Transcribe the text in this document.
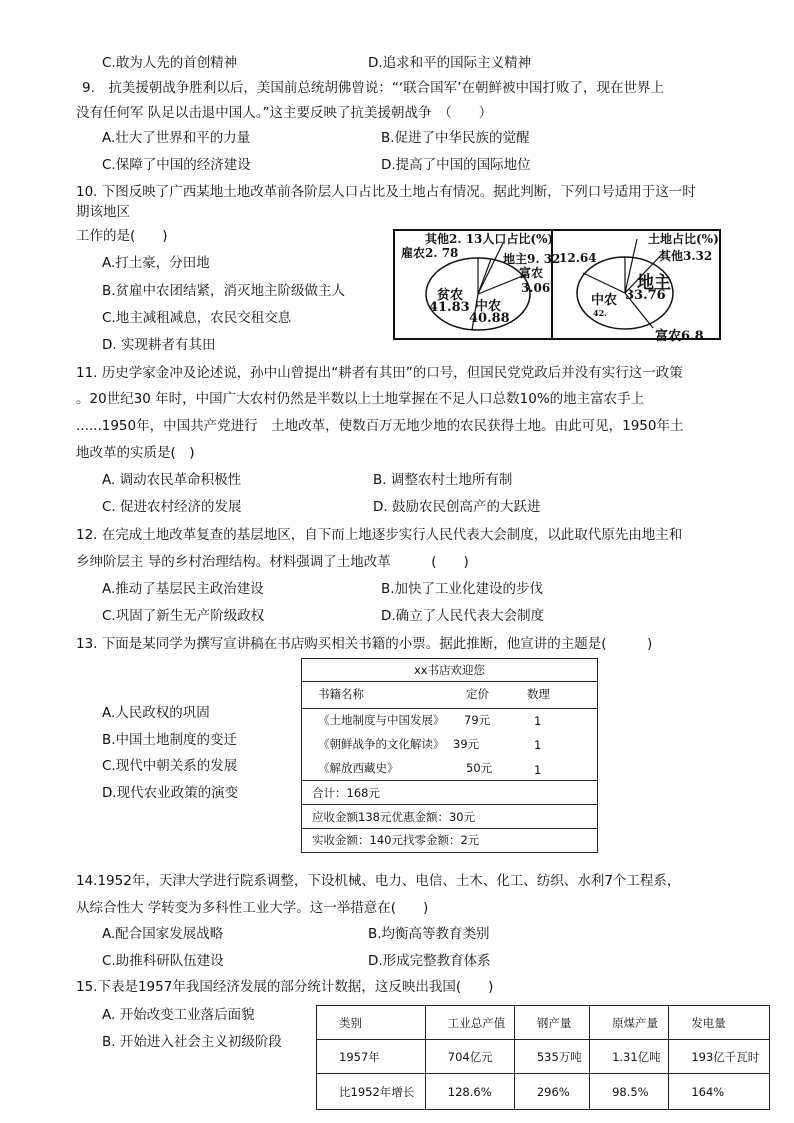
C.敢为人先的首创精神	D.追求和平的国际主义精神
9.　抗美援朝战争胜利以后，美国前总统胡佛曾说：“‘联合国军’在朝鲜被中国打败了，现在世界上
没有任何军 队足以击退中国人。”这主要反映了抗美援朝战争　（　　）
A.壮大了世界和平的力量	B.促进了中华民族的觉醒
C.保障了中国的经济建设	D.提高了中国的国际地位
10. 下图反映了广西某地土地改革前各阶层人口占比及土地占有情况。据此判断，下列口号适用于这一时
期该地区
工作的是(　　)
A.打土豪，分田地
B.贫雇中农团结紧，消灭地主阶级做主人
C.地主减租减息，农民交租交息
D. 实现耕者有其田
其他2. 13人口占比(%)
雇农2. 78	地主9. 32
富农
3.06
贫农
41.83 中农
40.88
土地占比(%)
12.64	其他3.32
地主
33.76
中农
42.
富农6.8
11. 历史学家金冲及论述说，孙中山曾提出“耕者有其田”的口号，但国民党党政后并没有实行这一政策
。20世纪30 年时，中国广大农村仍然是半数以上土地掌握在不足人口总数10%的地主富农手上
......1950年，中国共产党进行　土地改革，使数百万无地少地的农民获得土地。由此可见，1950年土
地改革的实质是(　)
A. 调动农民革命积极性	B. 调整农村土地所有制
C. 促进农村经济的发展	D. 鼓励农民创高产的大跃进
12. 在完成土地改革复查的基层地区，自下而上地逐步实行人民代表大会制度，以此取代原先由地主和
乡绅阶层主 导的乡村治理结构。材料强调了土地改革　　　(　　)
A.推动了基层民主政治建设	B.加快了工业化建设的步伐
C.巩固了新生无产阶级政权	D.确立了人民代表大会制度
13. 下面是某同学为撰写宣讲稿在书店购买相关书籍的小票。据此推断，他宣讲的主题是(　　　)
A.人民政权的巩固
B.中国土地制度的变迁
C.现代中朝关系的发展
D.现代农业政策的演变
xx书店欢迎您
书籍名称	定价	数理
《土地制度与中国发展》 79元	1
《朝鲜战争的文化解读》 39元	1
《解放西藏史》	50元	1
合计：168元
应收金额138元优惠金额：30元
实收金额：140元找零金额：2元
14.1952年，天津大学进行院系调整，下设机械、电力、电信、土木、化工、纺织、水利7个工程系，
从综合性大 学转变为多科性工业大学。这一举措意在(　　)
A.配合国家发展战略	B.均衡高等教育类别
C.助推科研队伍建设	D.形成完整教育体系
15.下表是1957年我国经济发展的部分统计数据，这反映出我国(　　)
A. 开始改变工业落后面貌
B. 开始进入社会主义初级阶段
类别	工业总产值	钢产量	原煤产量	发电量
1957年	704亿元	535万吨	1.31亿吨	193亿千瓦时
比1952年增长	128.6%	296%	98.5%	164%
